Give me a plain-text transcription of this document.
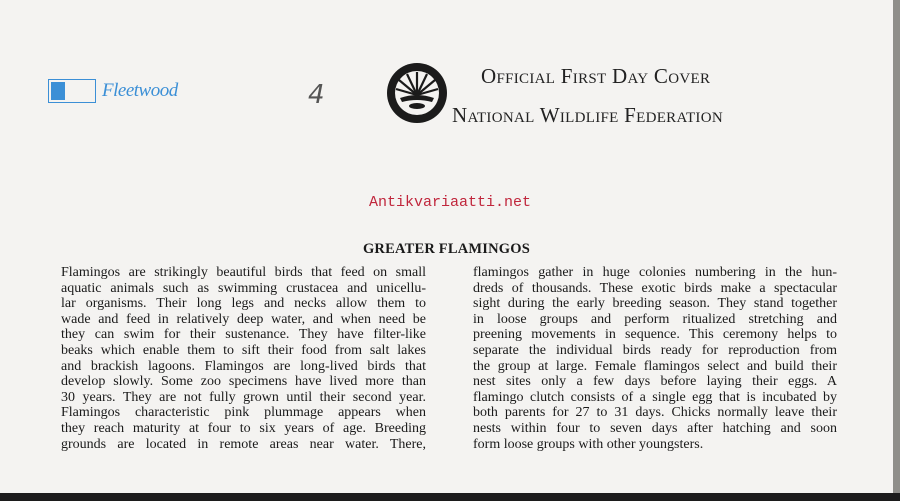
Fleetwood	4
Official First Day Cover
National Wildlife Federation
Antikvariaatti.net
GREATER FLAMINGOS
Flamingos are strikingly beautiful birds that feed on small
aquatic animals such as swimming crustacea and unicellu-
lar organisms. Their long legs and necks allow them to
wade and feed in relatively deep water, and when need be
they can swim for their sustenance. They have filter-like
beaks which enable them to sift their food from salt lakes
and brackish lagoons. Flamingos are long-lived birds that
develop slowly. Some zoo specimens have lived more than
30 years. They are not fully grown until their second year.
Flamingos characteristic pink plummage appears when
they reach maturity at four to six years of age. Breeding
grounds are located in remote areas near water. There,
flamingos gather in huge colonies numbering in the hun-
dreds of thousands. These exotic birds make a spectacular
sight during the early breeding season. They stand together
in loose groups and perform ritualized stretching and
preening movements in sequence. This ceremony helps to
separate the individual birds ready for reproduction from
the group at large. Female flamingos select and build their
nest sites only a few days before laying their eggs. A
flamingo clutch consists of a single egg that is incubated by
both parents for 27 to 31 days. Chicks normally leave their
nests within four to seven days after hatching and soon
form loose groups with other youngsters.
